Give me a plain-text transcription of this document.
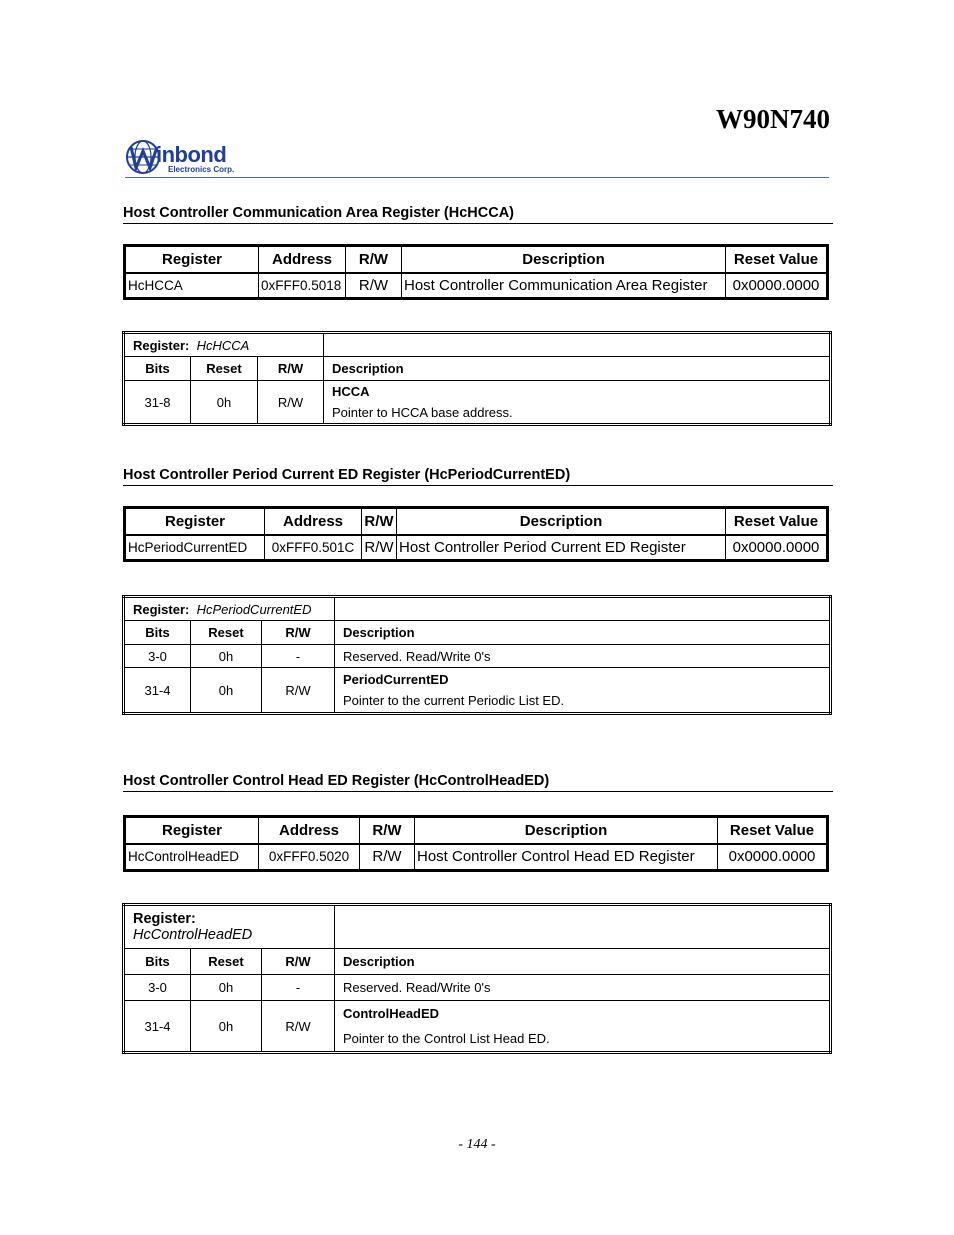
W90N740
inbond
Electronics Corp.
Host Controller Communication Area Register (HcHCCA)
Register	Address	R/W	Description	Reset Value
HcHCCA	0xFFF0.5018	R/W	Host Controller Communication Area Register	0x0000.0000
Register: HcHCCA			
Bits	Reset	R/W	Description
31-8	0h	R/W	HCCA
Pointer to HCCA base address.
Host Controller Period Current ED Register (HcPeriodCurrentED)
Register	Address	R/W	Description	Reset Value
HcPeriodCurrentED	0xFFF0.501C	R/W	Host Controller Period Current ED Register	0x0000.0000
Register: HcPeriodCurrentED			
Bits	Reset	R/W	Description
3-0	0h	-	Reserved. Read/Write 0's
31-4	0h	R/W	PeriodCurrentED
Pointer to the current Periodic List ED.
Host Controller Control Head ED Register (HcControlHeadED)
Register	Address	R/W	Description	Reset Value
HcControlHeadED	0xFFF0.5020	R/W	Host Controller Control Head ED Register	0x0000.0000
Register:
HcControlHeadED			

Bits	Reset	R/W	Description
3-0	0h	-	Reserved. Read/Write 0's
31-4	0h	R/W	ControlHeadED
Pointer to the Control List Head ED.
- 144 -
